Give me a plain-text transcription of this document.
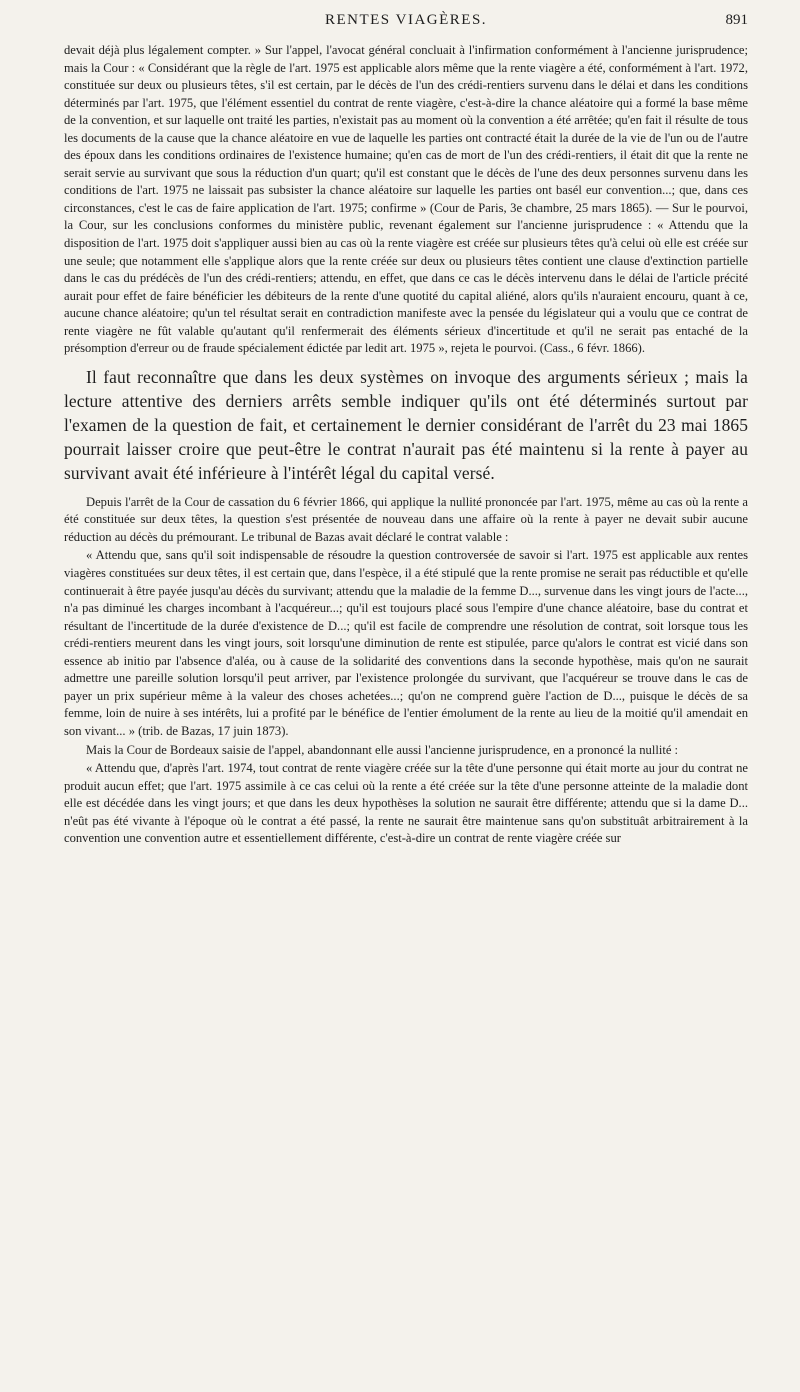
RENTES VIAGÈRES.	891

devait déjà plus légalement compter. » Sur l'appel, l'avocat général concluait à l'infirmation conformément à l'ancienne jurisprudence; mais la Cour : « Considérant que la règle de l'art. 1975 est applicable alors même que la rente viagère a été, conformément à l'art. 1972, constituée sur deux ou plusieurs têtes, s'il est certain, par le décès de l'un des crédi-rentiers survenu dans le délai et dans les conditions déterminés par l'art. 1975, que l'élément essentiel du contrat de rente viagère, c'est-à-dire la chance aléatoire qui a formé la base même de la convention, et sur laquelle ont traité les parties, n'existait pas au moment où la convention a été arrêtée; qu'en fait il résulte de tous les documents de la cause que la chance aléatoire en vue de laquelle les parties ont contracté était la durée de la vie de l'un ou de l'autre des époux dans les conditions ordinaires de l'existence humaine; qu'en cas de mort de l'un des crédi-rentiers, il était dit que la rente ne serait servie au survivant que sous la réduction d'un quart; qu'il est constant que le décès de l'une des deux personnes survenu dans les conditions de l'art. 1975 ne laissait pas subsister la chance aléatoire sur laquelle les parties ont basél eur convention...; que, dans ces circonstances, c'est le cas de faire application de l'art. 1975; confirme » (Cour de Paris, 3e chambre, 25 mars 1865). — Sur le pourvoi, la Cour, sur les conclusions conformes du ministère public, revenant également sur l'ancienne jurisprudence : « Attendu que la disposition de l'art. 1975 doit s'appliquer aussi bien au cas où la rente viagère est créée sur plusieurs têtes qu'à celui où elle est créée sur une seule; que notamment elle s'applique alors que la rente créée sur deux ou plusieurs têtes contient une clause d'extinction partielle dans le cas du prédécès de l'un des crédi-rentiers; attendu, en effet, que dans ce cas le décès intervenu dans le délai de l'article précité aurait pour effet de faire bénéficier les débiteurs de la rente d'une quotité du capital aliéné, alors qu'ils n'auraient encouru, quant à ce, aucune chance aléatoire; qu'un tel résultat serait en contradiction manifeste avec la pensée du législateur qui a voulu que ce contrat de rente viagère ne fût valable qu'autant qu'il renfermerait des éléments sérieux d'incertitude et qu'il ne serait pas entaché de la présomption d'erreur ou de fraude spécialement édictée par ledit art. 1975 », rejeta le pourvoi. (Cass., 6 févr. 1866).

Il faut reconnaître que dans les deux systèmes on invoque des arguments sérieux ; mais la lecture attentive des derniers arrêts semble indiquer qu'ils ont été déterminés surtout par l'examen de la question de fait, et certainement le dernier considérant de l'arrêt du 23 mai 1865 pourrait laisser croire que peut-être le contrat n'aurait pas été maintenu si la rente à payer au survivant avait été inférieure à l'intérêt légal du capital versé.

Depuis l'arrêt de la Cour de cassation du 6 février 1866, qui applique la nullité prononcée par l'art. 1975, même au cas où la rente a été constituée sur deux têtes, la question s'est présentée de nouveau dans une affaire où la rente à payer ne devait subir aucune réduction au décès du prémourant. Le tribunal de Bazas avait déclaré le contrat valable :

« Attendu que, sans qu'il soit indispensable de résoudre la question controversée de savoir si l'art. 1975 est applicable aux rentes viagères constituées sur deux têtes, il est certain que, dans l'espèce, il a été stipulé que la rente promise ne serait pas réductible et qu'elle continuerait à être payée jusqu'au décès du survivant; attendu que la maladie de la femme D..., survenue dans les vingt jours de l'acte..., n'a pas diminué les charges incombant à l'acquéreur...; qu'il est toujours placé sous l'empire d'une chance aléatoire, base du contrat et résultant de l'incertitude de la durée d'existence de D...; qu'il est facile de comprendre une résolution de contrat, soit lorsque tous les crédi-rentiers meurent dans les vingt jours, soit lorsqu'une diminution de rente est stipulée, parce qu'alors le contrat est vicié dans son essence ab initio par l'absence d'aléa, ou à cause de la solidarité des conventions dans la seconde hypothèse, mais qu'on ne saurait admettre une pareille solution lorsqu'il peut arriver, par l'existence prolongée du survivant, que l'acquéreur se trouve dans le cas de payer un prix supérieur même à la valeur des choses achetées...; qu'on ne comprend guère l'action de D..., puisque le décès de sa femme, loin de nuire à ses intérêts, lui a profité par le bénéfice de l'entier émolument de la rente au lieu de la moitié qu'il amendait en son vivant... » (trib. de Bazas, 17 juin 1873).

Mais la Cour de Bordeaux saisie de l'appel, abandonnant elle aussi l'ancienne jurisprudence, en a prononcé la nullité :

« Attendu que, d'après l'art. 1974, tout contrat de rente viagère créée sur la tête d'une personne qui était morte au jour du contrat ne produit aucun effet; que l'art. 1975 assimile à ce cas celui où la rente a été créée sur la tête d'une personne atteinte de la maladie dont elle est décédée dans les vingt jours; et que dans les deux hypothèses la solution ne saurait être différente; attendu que si la dame D... n'eût pas été vivante à l'époque où le contrat a été passé, la rente ne saurait être maintenue sans qu'on substituât arbitrairement à la convention une convention autre et essentiellement différente, c'est-à-dire un contrat de rente viagère créée sur
